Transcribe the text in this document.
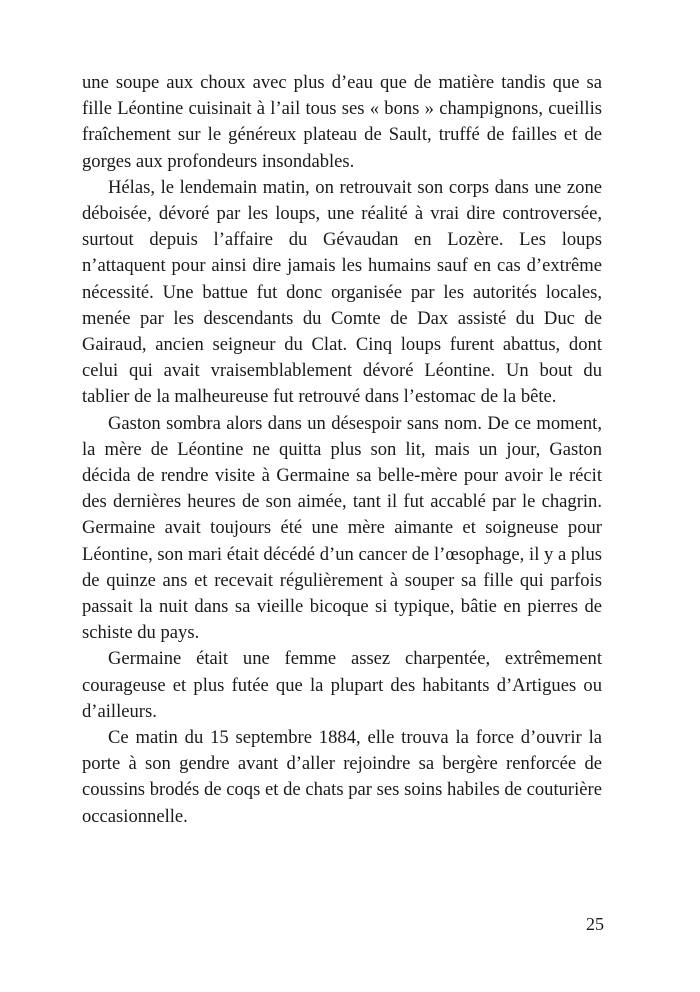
une soupe aux choux avec plus d’eau que de matière tandis que sa fille Léontine cuisinait à l’ail tous ses « bons » champignons, cueillis fraîchement sur le généreux plateau de Sault, truffé de failles et de gorges aux profondeurs insondables.

Hélas, le lendemain matin, on retrouvait son corps dans une zone déboisée, dévoré par les loups, une réalité à vrai dire controversée, surtout depuis l’affaire du Gévaudan en Lozère. Les loups n’attaquent pour ainsi dire jamais les humains sauf en cas d’extrême nécessité. Une battue fut donc organisée par les autorités locales, menée par les descendants du Comte de Dax assisté du Duc de Gairaud, ancien seigneur du Clat. Cinq loups furent abattus, dont celui qui avait vraisemblablement dévoré Léontine. Un bout du tablier de la malheureuse fut retrouvé dans l’estomac de la bête.

Gaston sombra alors dans un désespoir sans nom. De ce moment, la mère de Léontine ne quitta plus son lit, mais un jour, Gaston décida de rendre visite à Germaine sa belle-mère pour avoir le récit des dernières heures de son aimée, tant il fut accablé par le chagrin. Germaine avait toujours été une mère aimante et soigneuse pour Léontine, son mari était décédé d’un cancer de l’œsophage, il y a plus de quinze ans et recevait régulièrement à souper sa fille qui parfois passait la nuit dans sa vieille bicoque si typique, bâtie en pierres de schiste du pays.

Germaine était une femme assez charpentée, extrêmement courageuse et plus futée que la plupart des habitants d’Artigues ou d’ailleurs.

Ce matin du 15 septembre 1884, elle trouva la force d’ouvrir la porte à son gendre avant d’aller rejoindre sa bergère renforcée de coussins brodés de coqs et de chats par ses soins habiles de couturière occasionnelle.

25
